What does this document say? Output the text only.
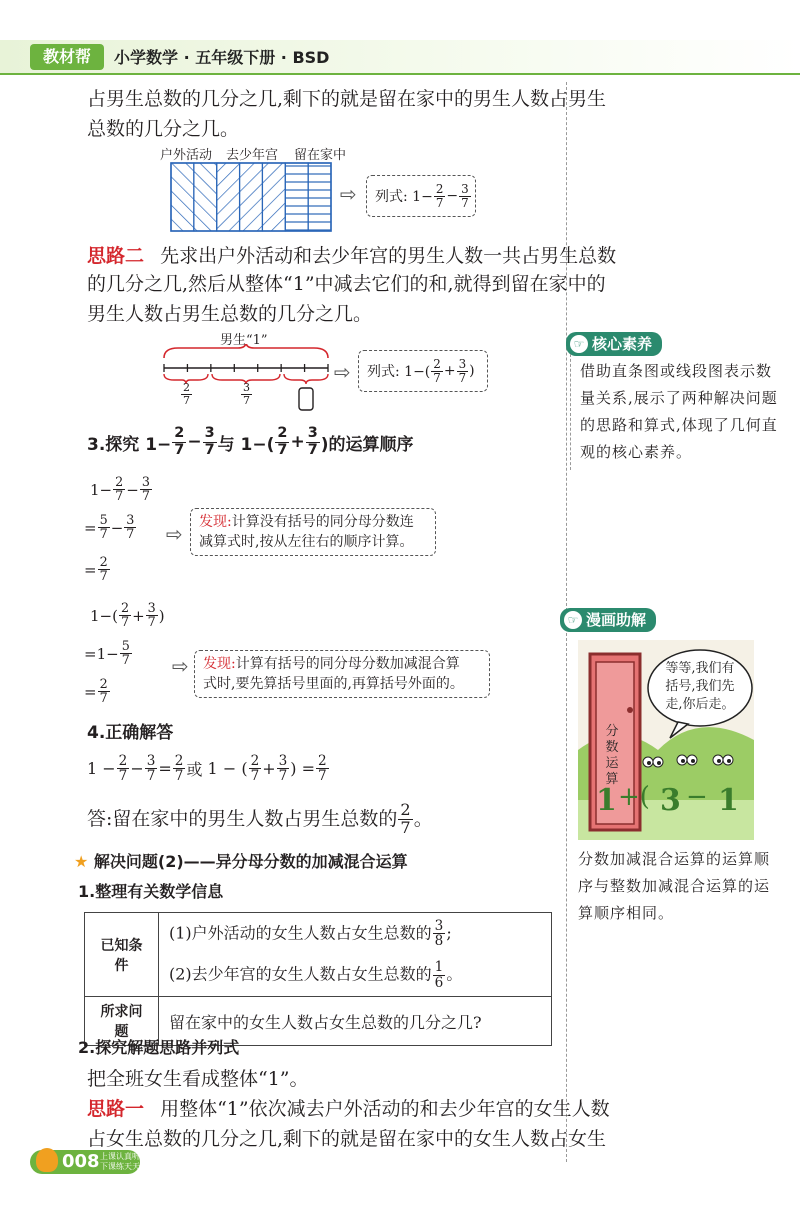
教材帮	小学数学 · 五年级下册 · BSD
占男生总数的几分之几,剩下的就是留在家中的男生人数占男生
总数的几分之几。
户外活动 去少年宫 留在家中
⇨ 列式: $1- \frac{2}{7} - \frac{3}{7}$
思路二 先求出户外活动和去少年宫的男生人数一共占男生总数
的几分之几,然后从整体“1”中减去它们的和,就得到留在家中的
男生人数占男生总数的几分之几。
男生“1”
$\frac{2}{7}$	$\frac{3}{7}$
⇨ 列式: $1-( \frac{2}{7} + \frac{3}{7}$ )
3.探究 $1- \frac{2}{7} - \frac{3}{7}$ 与 $1-( \frac{2}{7} + \frac{3}{7}$ )的运算顺序
$1- \frac{2}{7} - \frac{3}{7}$
= $\frac{5}{7} - \frac{3}{7}$
= $\frac{2}{7}$
⇨	发现:计算没有括号的同分母分数连
减算式时,按从左往右的顺序计算。
$1-( \frac{2}{7} + \frac{3}{7}$ )
$=1- \frac{5}{7}$
= $\frac{2}{7}$
⇨	发现:计算有括号的同分母分数加减混合算
式时,要先算括号里面的,再算括号外面的。
4.正确解答
$1 - \frac{2}{7} - \frac{3}{7} = \frac{2}{7}$ 或 1 − ( $\frac{2}{7} + \frac{3}{7}$ ) = $\frac{2}{7}$
答:留在家中的男生人数占男生总数的 $\frac{2}{7}$ 。
★ 解决问题(2)——异分母分数的加减混合运算
1.整理有关数学信息
已知条件	(1)户外活动的女生人数占女生总数的 $\frac{3}{8}$ ;
	(2)去少年宫的女生人数占女生总数的 $\frac{1}{6}$ 。
所求问题	留在家中的女生人数占女生总数的几分之几?
2.探究解题思路并列式
把全班女生看成整体“1”。
思路一 用整体“1”依次减去户外活动的和去少年宫的女生人数
占女生总数的几分之几,剩下的就是留在家中的女生人数占女生
☞ 核心素养
借助直条图或线段图表示数
量关系,展示了两种解决问题
的思路和算式,体现了几何直
观的核心素养。
☞ 漫画助解
1 +( 3 − 1
分数运算
等等,我们有
括号,我们先
走,你后走。
分数加减混合运算的运算顺
序与整数加减混合运算的运
算顺序相同。
008 上课认真听
下课练天天
